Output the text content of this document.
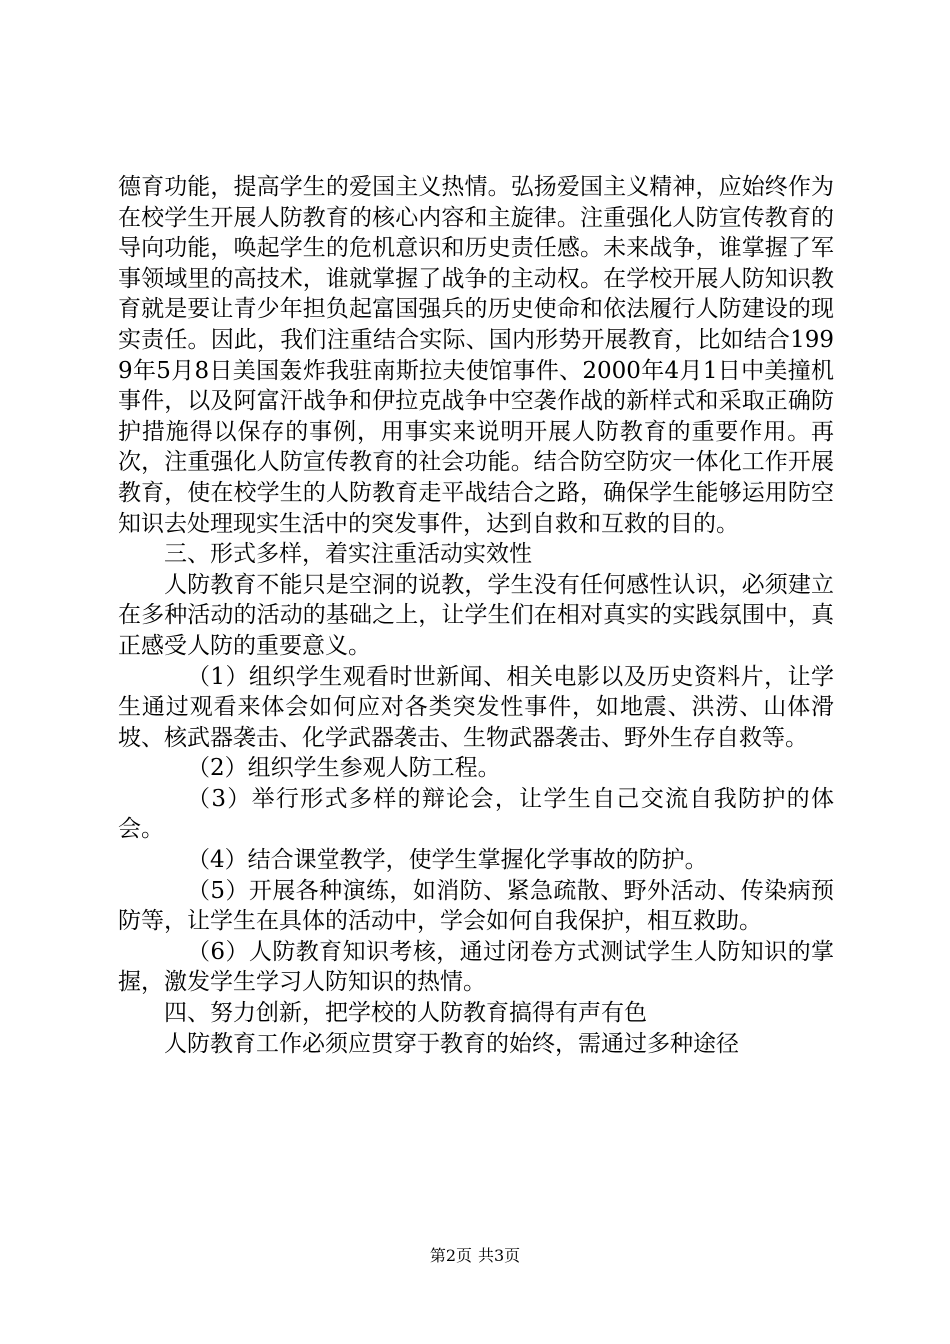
德育功能，提高学生的爱国主义热情。弘扬爱国主义精神，应始终作为在校学生开展人防教育的核心内容和主旋律。注重强化人防宣传教育的导向功能，唤起学生的危机意识和历史责任感。未来战争，谁掌握了军事领域里的高技术，谁就掌握了战争的主动权。在学校开展人防知识教育就是要让青少年担负起富国强兵的历史使命和依法履行人防建设的现实责任。因此，我们注重结合实际、国内形势开展教育，比如结合1999年5月8日美国轰炸我驻南斯拉夫使馆事件、2000年4月1日中美撞机事件，以及阿富汗战争和伊拉克战争中空袭作战的新样式和采取正确防护措施得以保存的事例，用事实来说明开展人防教育的重要作用。再次，注重强化人防宣传教育的社会功能。结合防空防灾一体化工作开展教育，使在校学生的人防教育走平战结合之路，确保学生能够运用防空知识去处理现实生活中的突发事件，达到自救和互救的目的。

三、形式多样，着实注重活动实效性

人防教育不能只是空洞的说教，学生没有任何感性认识，必须建立在多种活动的活动的基础之上，让学生们在相对真实的实践氛围中，真正感受人防的重要意义。

（1）组织学生观看时世新闻、相关电影以及历史资料片，让学生通过观看来体会如何应对各类突发性事件，如地震、洪涝、山体滑坡、核武器袭击、化学武器袭击、生物武器袭击、野外生存自救等。

（2）组织学生参观人防工程。

（3）举行形式多样的辩论会，让学生自己交流自我防护的体会。

（4）结合课堂教学，使学生掌握化学事故的防护。

（5）开展各种演练，如消防、紧急疏散、野外活动、传染病预防等，让学生在具体的活动中，学会如何自我保护，相互救助。

（6）人防教育知识考核，通过闭卷方式测试学生人防知识的掌握，激发学生学习人防知识的热情。

四、努力创新，把学校的人防教育搞得有声有色

人防教育工作必须应贯穿于教育的始终，需通过多种途径

第2页 共3页
